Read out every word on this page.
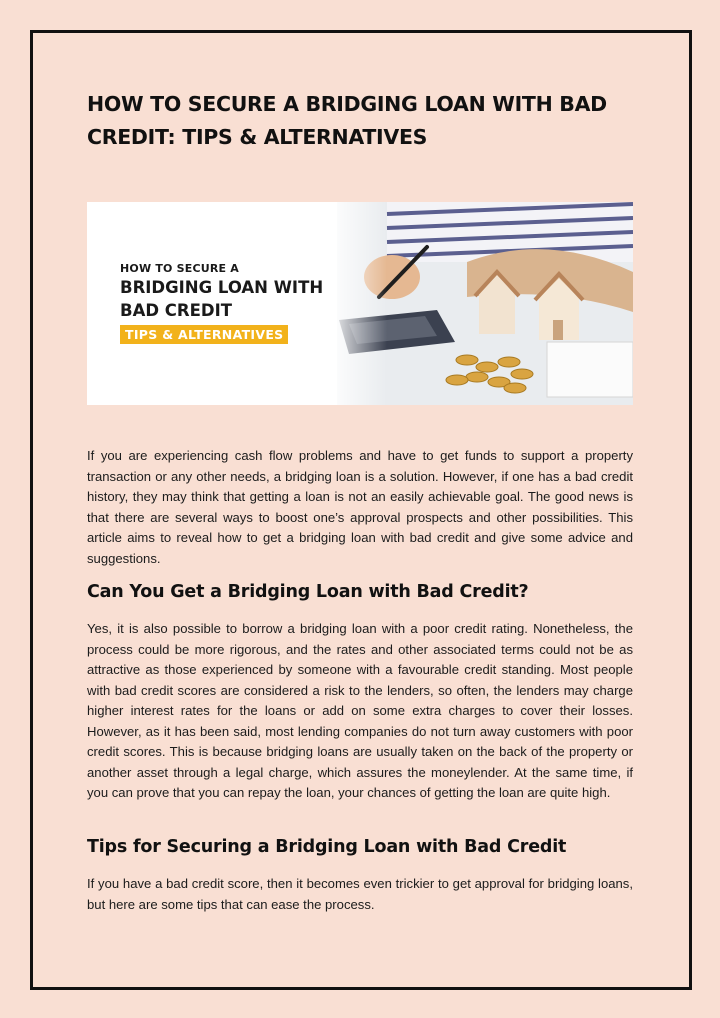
HOW TO SECURE A BRIDGING LOAN WITH BAD CREDIT: TIPS & ALTERNATIVES
HOW TO SECURE A
BRIDGING LOAN WITH
BAD CREDIT
TIPS & ALTERNATIVES

If you are experiencing cash flow problems and have to get funds to support a property transaction or any other needs, a bridging loan is a solution. However, if one has a bad credit history, they may think that getting a loan is not an easily achievable goal. The good news is that there are several ways to boost one’s approval prospects and other possibilities. This article aims to reveal how to get a bridging loan with bad credit and give some advice and suggestions.

Can You Get a Bridging Loan with Bad Credit?

Yes, it is also possible to borrow a bridging loan with a poor credit rating. Nonetheless, the process could be more rigorous, and the rates and other associated terms could not be as attractive as those experienced by someone with a favourable credit standing. Most people with bad credit scores are considered a risk to the lenders, so often, the lenders may charge higher interest rates for the loans or add on some extra charges to cover their losses. However, as it has been said, most lending companies do not turn away customers with poor credit scores. This is because bridging loans are usually taken on the back of the property or another asset through a legal charge, which assures the moneylender. At the same time, if you can prove that you can repay the loan, your chances of getting the loan are quite high.

Tips for Securing a Bridging Loan with Bad Credit

If you have a bad credit score, then it becomes even trickier to get approval for bridging loans, but here are some tips that can ease the process.
